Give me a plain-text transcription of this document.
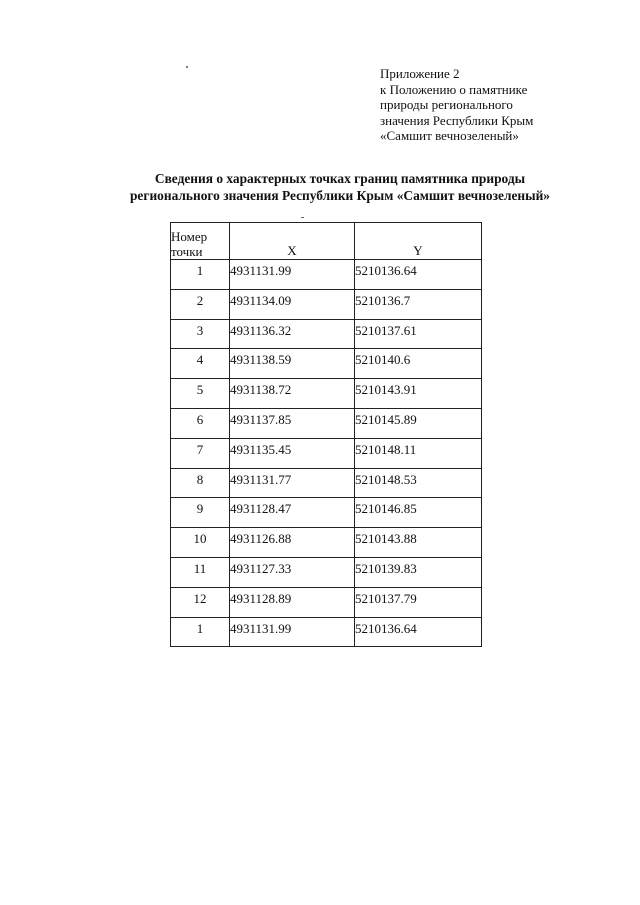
Приложение 2
к Положению о памятнике
природы регионального
значения Республики Крым
«Самшит вечнозеленый»
Сведения о характерных точках границ памятника природы
регионального значения Республики Крым «Самшит вечнозеленый»
Номер
точки	X	Y
1	4931131.99	5210136.64
2	4931134.09	5210136.7
3	4931136.32	5210137.61
4	4931138.59	5210140.6
5	4931138.72	5210143.91
6	4931137.85	5210145.89
7	4931135.45	5210148.11
8	4931131.77	5210148.53
9	4931128.47	5210146.85
10	4931126.88	5210143.88
11	4931127.33	5210139.83
12	4931128.89	5210137.79
1	4931131.99	5210136.64
